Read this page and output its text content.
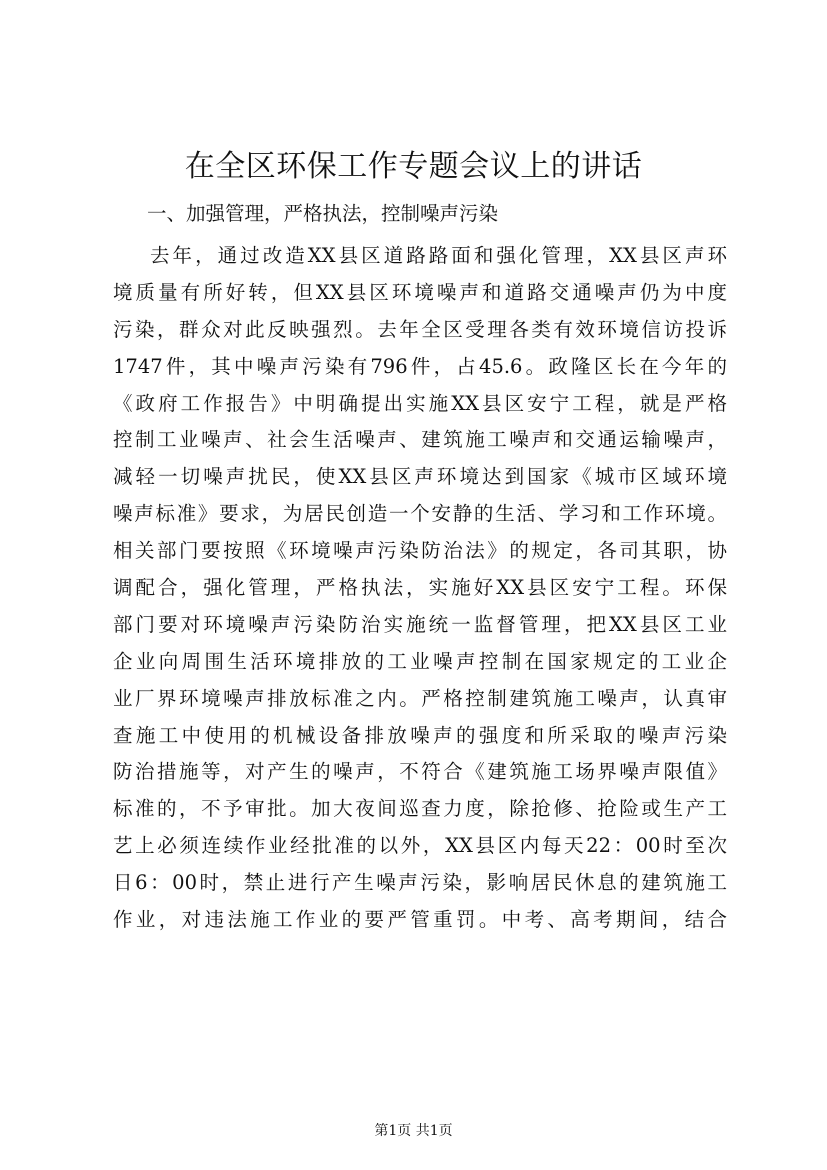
在全区环保工作专题会议上的讲话

一、加强管理，严格执法，控制噪声污染

去年，通过改造XX县区道路路面和强化管理，XX县区声环
境质量有所好转，但XX县区环境噪声和道路交通噪声仍为中度
污染，群众对此反映强烈。去年全区受理各类有效环境信访投诉
1747件，其中噪声污染有796件，占45.6。政隆区长在今年的
《政府工作报告》中明确提出实施XX县区安宁工程，就是严格
控制工业噪声、社会生活噪声、建筑施工噪声和交通运输噪声，
减轻一切噪声扰民，使XX县区声环境达到国家《城市区域环境
噪声标准》要求，为居民创造一个安静的生活、学习和工作环境。
相关部门要按照《环境噪声污染防治法》的规定，各司其职，协
调配合，强化管理，严格执法，实施好XX县区安宁工程。环保
部门要对环境噪声污染防治实施统一监督管理，把XX县区工业
企业向周围生活环境排放的工业噪声控制在国家规定的工业企
业厂界环境噪声排放标准之内。严格控制建筑施工噪声，认真审
查施工中使用的机械设备排放噪声的强度和所采取的噪声污染
防治措施等，对产生的噪声，不符合《建筑施工场界噪声限值》
标准的，不予审批。加大夜间巡查力度，除抢修、抢险或生产工
艺上必须连续作业经批准的以外，XX县区内每天22：00时至次
日6：00时，禁止进行产生噪声污染，影响居民休息的建筑施工
作业，对违法施工作业的要严管重罚。中考、高考期间，结合
第1页 共1页
